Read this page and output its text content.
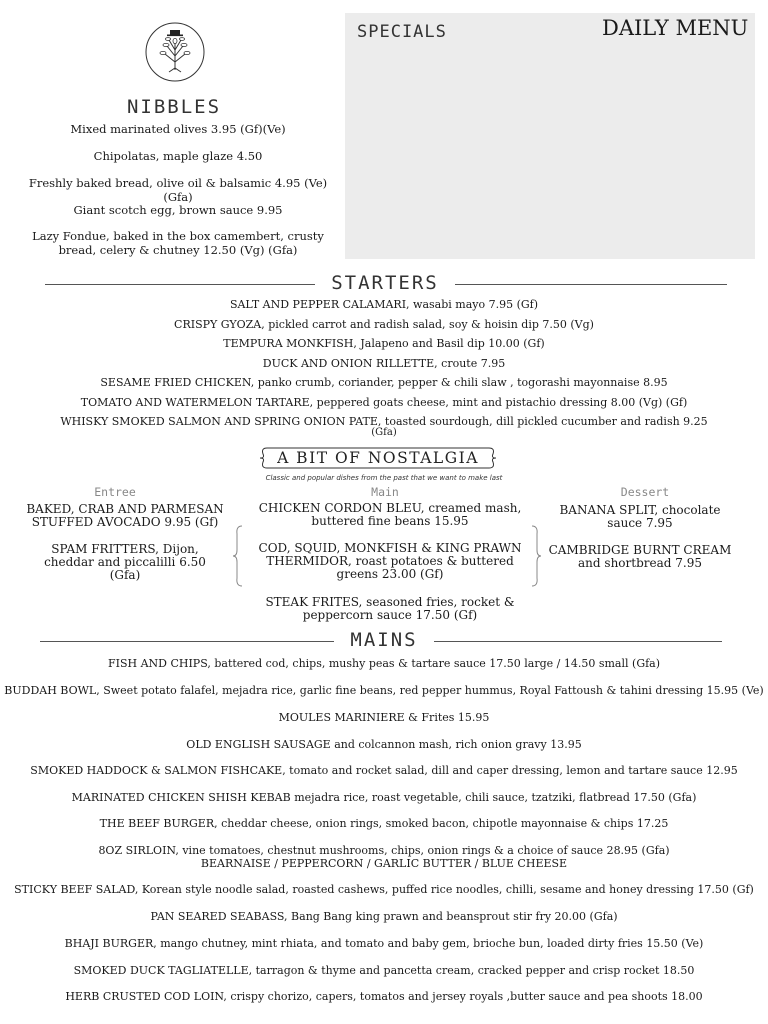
SPECIALS	DAILY MENU
NIBBLES
Mixed marinated olives 3.95 (Gf)(Ve)
Chipolatas, maple glaze 4.50
Freshly baked bread, olive oil & balsamic 4.95 (Ve) (Gfa)
Giant scotch egg, brown sauce 9.95
Lazy Fondue, baked in the box camembert, crusty bread, celery & chutney 12.50 (Vg) (Gfa)
STARTERS
SALT AND PEPPER CALAMARI, wasabi mayo 7.95 (Gf)
CRISPY GYOZA, pickled carrot and radish salad, soy & hoisin dip 7.50 (Vg)
TEMPURA MONKFISH, Jalapeno and Basil dip 10.00 (Gf)
DUCK AND ONION RILLETTE, croute 7.95
SESAME FRIED CHICKEN, panko crumb, coriander, pepper & chili slaw , togorashi mayonnaise 8.95
TOMATO AND WATERMELON TARTARE, peppered goats cheese, mint and pistachio dressing 8.00 (Vg) (Gf)
WHISKY SMOKED SALMON AND SPRING ONION PATE, toasted sourdough, dill pickled cucumber and radish 9.25
(Gfa)
A BIT OF NOSTALGIA
Classic and popular dishes from the past that we want to make last
Entree	Main	Dessert
BAKED, CRAB AND PARMESAN STUFFED AVOCADO 9.95 (Gf)
SPAM FRITTERS, Dijon, cheddar and piccalilli 6.50 (Gfa)
CHICKEN CORDON BLEU, creamed mash, buttered fine beans 15.95
COD, SQUID, MONKFISH & KING PRAWN THERMIDOR, roast potatoes & buttered greens 23.00 (Gf)
STEAK FRITES, seasoned fries, rocket & peppercorn sauce 17.50 (Gf)
BANANA SPLIT, chocolate sauce 7.95
CAMBRIDGE BURNT CREAM and shortbread 7.95
MAINS
FISH AND CHIPS, battered cod, chips, mushy peas & tartare sauce 17.50 large / 14.50 small (Gfa)
BUDDAH BOWL, Sweet potato falafel, mejadra rice, garlic fine beans, red pepper hummus, Royal Fattoush & tahini dressing 15.95 (Ve)
MOULES MARINIERE & Frites 15.95
OLD ENGLISH SAUSAGE and colcannon mash, rich onion gravy 13.95
SMOKED HADDOCK & SALMON FISHCAKE, tomato and rocket salad, dill and caper dressing, lemon and tartare sauce 12.95
MARINATED CHICKEN SHISH KEBAB mejadra rice, roast vegetable, chili sauce, tzatziki, flatbread 17.50 (Gfa)
THE BEEF BURGER, cheddar cheese, onion rings, smoked bacon, chipotle mayonnaise & chips 17.25
8OZ SIRLOIN, vine tomatoes, chestnut mushrooms, chips, onion rings & a choice of sauce 28.95 (Gfa)
BEARNAISE / PEPPERCORN / GARLIC BUTTER / BLUE CHEESE
STICKY BEEF SALAD, Korean style noodle salad, roasted cashews, puffed rice noodles, chilli, sesame and honey dressing 17.50 (Gf)
PAN SEARED SEABASS, Bang Bang king prawn and beansprout stir fry 20.00 (Gfa)
BHAJI BURGER, mango chutney, mint rhiata, and tomato and baby gem, brioche bun, loaded dirty fries 15.50 (Ve)
SMOKED DUCK TAGLIATELLE, tarragon & thyme and pancetta cream, cracked pepper and crisp rocket 18.50
HERB CRUSTED COD LOIN, crispy chorizo, capers, tomatos and jersey royals ,butter sauce and pea shoots 18.00
